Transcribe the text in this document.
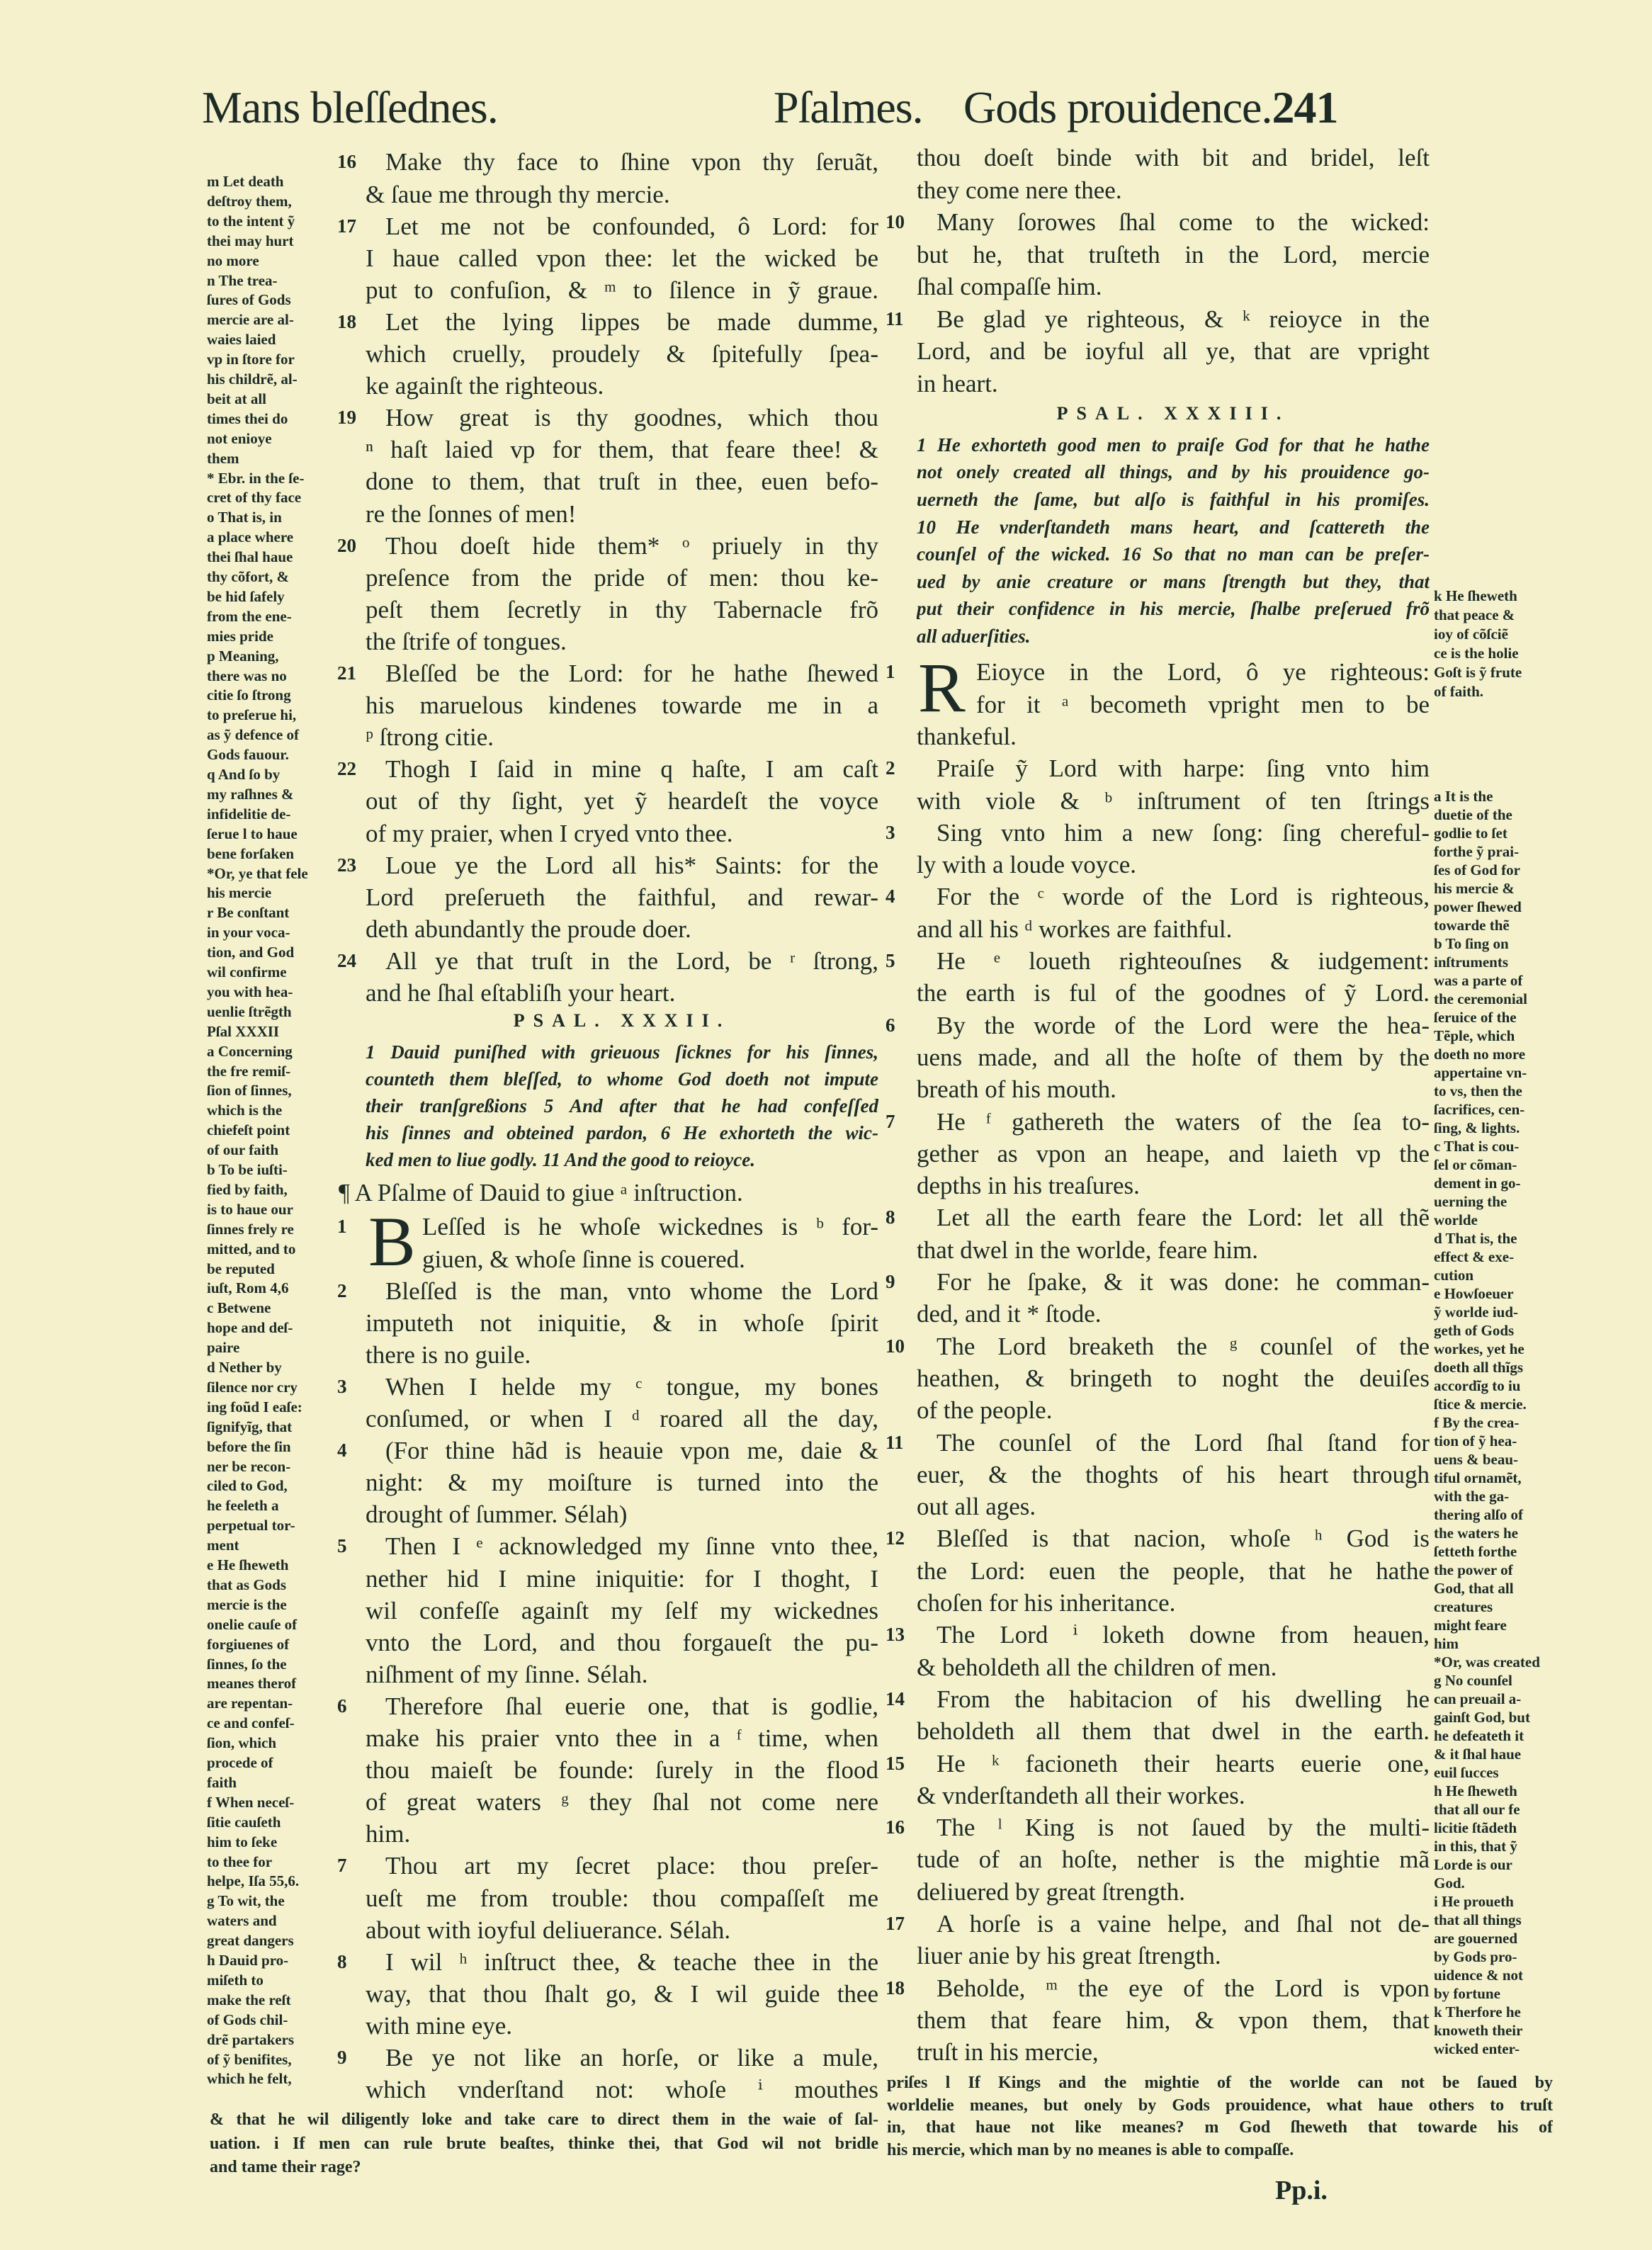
Mans bleſſednes.	Pſalmes. Gods prouidence.241
PSAL. XXXII.
¶ A Pſalme of Dauid to giue ᵃ inſtruction.
B
PSAL. XXXIII.
R
Pp.i.
Make thy face to ſhine vpon thy ſeruãt,
16
& ſaue me through thy mercie.
Let me not be confounded, ô Lord: for
17
I haue called vpon thee: let the wicked be
put to confuſion, & ᵐ to ſilence in ỹ graue.
Let the lying lippes be made dumme,
18
which cruelly, proudely & ſpitefully ſpea-
ke againſt the righteous.
How great is thy goodnes, which thou
19
ⁿ haſt laied vp for them, that feare thee! &
done to them, that truſt in thee, euen befo-
re the ſonnes of men!
Thou doeſt hide them* ᵒ priuely in thy
20
preſence from the pride of men: thou ke-
peſt them ſecretly in thy Tabernacle frõ
the ſtrife of tongues.
Bleſſed be the Lord: for he hathe ſhewed
21
his maruelous kindenes towarde me in a
ᵖ ſtrong citie.
Thogh I ſaid in mine q haſte, I am caſt
22
out of thy ſight, yet ỹ heardeſt the voyce
of my praier, when I cryed vnto thee.
Loue ye the Lord all his* Saints: for the
23
Lord preſerueth the faithful, and rewar-
deth abundantly the proude doer.
All ye that truſt in the Lord, be ʳ ſtrong,
24
and he ſhal eſtabliſh your heart.
1 Dauid puniſhed with grieuous ſicknes for his ſinnes,
counteth them bleſſed, to whome God doeth not impute
their tranſgreßions 5 And after that he had confeſſed
his ſinnes and obteined pardon, 6 He exhorteth the wic-
ked men to liue godly. 11 And the good to reioyce.
Leſſed is he whoſe wickednes is ᵇ for-
1
giuen, & whoſe ſinne is couered.
Bleſſed is the man, vnto whome the Lord
2
imputeth not iniquitie, & in whoſe ſpirit
there is no guile.
When I helde my ᶜ tongue, my bones
3
conſumed, or when I ᵈ roared all the day,
(For thine hãd is heauie vpon me, daie &
4
night: & my moiſture is turned into the
drought of ſummer. Sélah)
Then I ᵉ acknowledged my ſinne vnto thee,
5
nether hid I mine iniquitie: for I thoght, I
wil confeſſe againſt my ſelf my wickednes
vnto the Lord, and thou forgaueſt the pu-
niſhment of my ſinne. Sélah.
Therefore ſhal euerie one, that is godlie,
6
make his praier vnto thee in a ᶠ time, when
thou maieſt be founde: ſurely in the flood
of great waters ᵍ they ſhal not come nere
him.
Thou art my ſecret place: thou preſer-
7
ueſt me from trouble: thou compaſſeſt me
about with ioyful deliuerance. Sélah.
I wil ʰ inſtruct thee, & teache thee in the
8
way, that thou ſhalt go, & I wil guide thee
with mine eye.
Be ye not like an horſe, or like a mule,
9
which vnderſtand not: whoſe ⁱ mouthes
thou doeſt binde with bit and bridel, leſt
they come nere thee.
Many ſorowes ſhal come to the wicked:
10
but he, that truſteth in the Lord, mercie
ſhal compaſſe him.
Be glad ye righteous, & ᵏ reioyce in the
11
Lord, and be ioyful all ye, that are vpright
in heart.
1 He exhorteth good men to praiſe God for that he hathe
not onely created all things, and by his prouidence go-
uerneth the ſame, but alſo is faithful in his promiſes.
10 He vnderſtandeth mans heart, and ſcattereth the
counſel of the wicked. 16 So that no man can be preſer-
ued by anie creature or mans ſtrength but they, that
put their confidence in his mercie, ſhalbe preſerued frõ
all aduerſities.
Eioyce in the Lord, ô ye righteous:
1
for it ᵃ becometh vpright men to be
thankeful.
Praiſe ỹ Lord with harpe: ſing vnto him
2
with viole & ᵇ inſtrument of ten ſtrings
Sing vnto him a new ſong: ſing chereful-
3
ly with a loude voyce.
For the ᶜ worde of the Lord is righteous,
4
and all his ᵈ workes are faithful.
He ᵉ loueth righteouſnes & iudgement:
5
the earth is ful of the goodnes of ỹ Lord.
By the worde of the Lord were the hea-
6
uens made, and all the hoſte of them by the
breath of his mouth.
He ᶠ gathereth the waters of the ſea to-
7
gether as vpon an heape, and laieth vp the
depths in his treaſures.
Let all the earth feare the Lord: let all thẽ
8
that dwel in the worlde, feare him.
For he ſpake, & it was done: he comman-
9
ded, and it * ſtode.
The Lord breaketh the ᵍ counſel of the
10
heathen, & bringeth to noght the deuiſes
of the people.
The counſel of the Lord ſhal ſtand for
11
euer, & the thoghts of his heart through
out all ages.
Bleſſed is that nacion, whoſe ʰ God is
12
the Lord: euen the people, that he hathe
choſen for his inheritance.
The Lord ⁱ loketh downe from heauen,
13
& beholdeth all the children of men.
From the habitacion of his dwelling he
14
beholdeth all them that dwel in the earth.
He ᵏ facioneth their hearts euerie one,
15
& vnderſtandeth all their workes.
The ˡ King is not ſaued by the multi-
16
tude of an hoſte, nether is the mightie mã
deliuered by great ſtrength.
A horſe is a vaine helpe, and ſhal not de-
17
liuer anie by his great ſtrength.
Beholde, ᵐ the eye of the Lord is vpon
18
them that feare him, & vpon them, that
truſt in his mercie,
m Let death
deſtroy them,
to the intent ỹ
thei may hurt
no more
n The trea-
ſures of Gods
mercie are al-
waies laied
vp in ſtore for
his childrẽ, al-
beit at all
times thei do
not enioye
them
* Ebr. in the ſe-
cret of thy face
o That is, in
a place where
thei ſhal haue
thy cõfort, &
be hid ſafely
from the ene-
mies pride
p Meaning,
there was no
citie ſo ſtrong
to preſerue hi,
as ỹ defence of
Gods fauour.
q And ſo by
my raſhnes &
infidelitie de-
ſerue l to haue
bene forſaken
*Or, ye that fele
his mercie
r Be conſtant
in your voca-
tion, and God
wil confirme
you with hea-
uenlie ſtrẽgth
Pſal XXXII
a Concerning
the fre remiſ-
ſion of ſinnes,
which is the
chiefeſt point
of our faith
b To be iuſti-
fied by faith,
is to haue our
ſinnes frely re
mitted, and to
be reputed
iuſt, Rom 4,6
c Betwene
hope and deſ-
paire
d Nether by
ſilence nor cry
ing foũd I eaſe:
ſignifyĩg, that
before the ſin
ner be recon-
ciled to God,
he feeleth a
perpetual tor-
ment
e He ſheweth
that as Gods
mercie is the
onelie cauſe of
forgiuenes of
ſinnes, ſo the
meanes therof
are repentan-
ce and confeſ-
ſion, which
procede of
faith
f When neceſ-
ſitie cauſeth
him to ſeke
to thee for
helpe, Iſa 55,6.
g To wit, the
waters and
great dangers
h Dauid pro-
miſeth to
make the reſt
of Gods chil-
drẽ partakers
of ỹ benifites,
which he felt,
k He ſheweth
that peace &
ioy of cõſciẽ
ce is the holie
Goſt is ỹ frute
of faith.
a It is the
duetie of the
godlie to ſet
forthe ỹ prai-
ſes of God for
his mercie &
power ſhewed
towarde thẽ
b To ſing on
inſtruments
was a parte of
the ceremonial
ſeruice of the
Tẽple, which
doeth no more
appertaine vn-
to vs, then the
ſacrifices, cen-
ſing, & lights.
c That is cou-
ſel or cõman-
dement in go-
uerning the
worlde
d That is, the
effect & exe-
cution
e Howſoeuer
ỹ worlde iud-
geth of Gods
workes, yet he
doeth all thĩgs
accordĩg to iu
ſtice & mercie.
f By the crea-
tion of ỹ hea-
uens & beau-
tiful ornamẽt,
with the ga-
thering alſo of
the waters he
ſetteth forthe
the power of
God, that all
creatures
might feare
him
*Or, was created
g No counſel
can preuail a-
gainſt God, but
he defeateth it
& it ſhal haue
euil ſucces
h He ſheweth
that all our fe
licitie ſtãdeth
in this, that ỹ
Lorde is our
God.
i He proueth
that all things
are gouerned
by Gods pro-
uidence & not
by fortune
k Therfore he
knoweth their
wicked enter-
& that he wil diligently loke and take care to direct them in the waie of ſal-
uation. i If men can rule brute beaſtes, thinke thei, that God wil not bridle
and tame their rage?
priſes l If Kings and the mightie of the worlde can not be ſaued by
worldelie meanes, but onely by Gods prouidence, what haue others to truſt
in, that haue not like meanes? m God ſheweth that towarde his of
his mercie, which man by no meanes is able to compaſſe.
